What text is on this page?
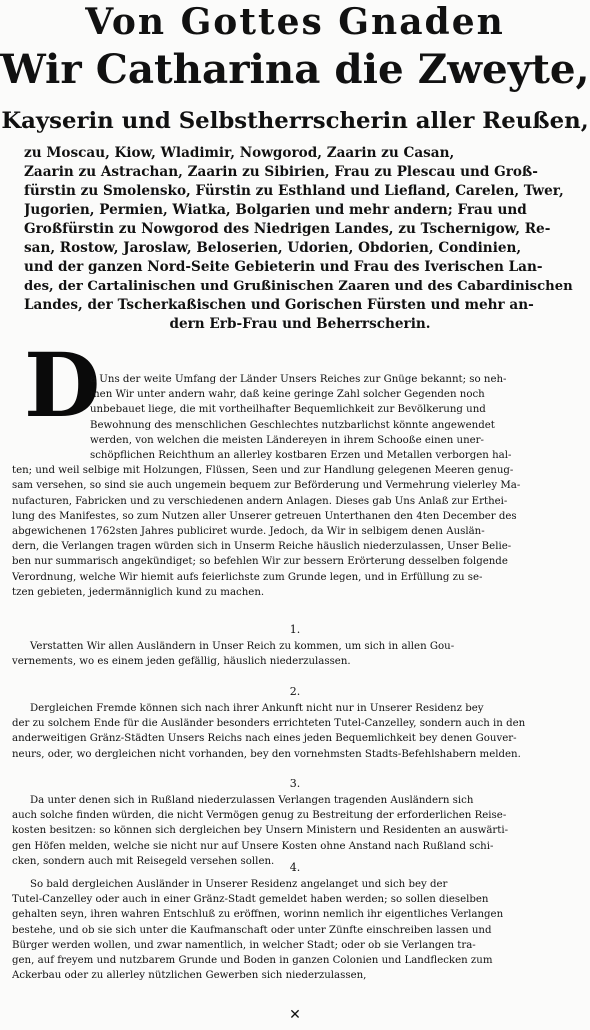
Von Gottes Gnaden
Wir Catharina die Zweyte,
Kayserin und Selbstherrscherin aller Reußen,
zu Moscau, Kiow, Wladimir, Nowgorod, Zaarin zu Casan,
Zaarin zu Astrachan, Zaarin zu Sibirien, Frau zu Plescau und Groß-
fürstin zu Smolensko, Fürstin zu Esthland und Liefland, Carelen, Twer,
Jugorien, Permien, Wiatka, Bolgarien und mehr andern; Frau und
Großfürstin zu Nowgorod des Niedrigen Landes, zu Tschernigow, Re-
san, Rostow, Jaroslaw, Beloserien, Udorien, Obdorien, Condinien,
und der ganzen Nord-Seite Gebieterin und Frau des Iverischen Lan-
des, der Cartalinischen und Grußinischen Zaaren und des Cabardinischen
Landes, der Tscherkaßischen und Gorischen Fürsten und mehr an-
dern Erb-Frau und Beherrscherin.
D
a Uns der weite Umfang der Länder Unsers Reiches zur Gnüge bekannt; so neh-
men Wir unter andern wahr, daß keine geringe Zahl solcher Gegenden noch
unbebauet liege, die mit vortheilhafter Bequemlichkeit zur Bevölkerung und
Bewohnung des menschlichen Geschlechtes nutzbarlichst könnte angewendet
werden, von welchen die meisten Ländereyen in ihrem Schooße einen uner-
schöpflichen Reichthum an allerley kostbaren Erzen und Metallen verborgen hal-
ten; und weil selbige mit Holzungen, Flüssen, Seen und zur Handlung gelegenen Meeren genug-
sam versehen, so sind sie auch ungemein bequem zur Beförderung und Vermehrung vielerley Ma-
nufacturen, Fabricken und zu verschiedenen andern Anlagen. Dieses gab Uns Anlaß zur Erthei-
lung des Manifestes, so zum Nutzen aller Unserer getreuen Unterthanen den 4ten December des
abgewichenen 1762sten Jahres publiciret wurde. Jedoch, da Wir in selbigem denen Auslän-
dern, die Verlangen tragen würden sich in Unserm Reiche häuslich niederzulassen, Unser Belie-
ben nur summarisch angekündiget; so befehlen Wir zur bessern Erörterung desselben folgende
Verordnung, welche Wir hiemit aufs feierlichste zum Grunde legen, und in Erfüllung zu se-
tzen gebieten, jedermänniglich kund zu machen.
1.
Verstatten Wir allen Ausländern in Unser Reich zu kommen, um sich in allen Gou-
vernements, wo es einem jeden gefällig, häuslich niederzulassen.
2.
Dergleichen Fremde können sich nach ihrer Ankunft nicht nur in Unserer Residenz bey
der zu solchem Ende für die Ausländer besonders errichteten Tutel-Canzelley, sondern auch in den
anderweitigen Gränz-Städten Unsers Reichs nach eines jeden Bequemlichkeit bey denen Gouver-
neurs, oder, wo dergleichen nicht vorhanden, bey den vornehmsten Stadts-Befehlshabern melden.
3.
Da unter denen sich in Rußland niederzulassen Verlangen tragenden Ausländern sich
auch solche finden würden, die nicht Vermögen genug zu Bestreitung der erforderlichen Reise-
kosten besitzen: so können sich dergleichen bey Unsern Ministern und Residenten an auswärti-
gen Höfen melden, welche sie nicht nur auf Unsere Kosten ohne Anstand nach Rußland schi-
cken, sondern auch mit Reisegeld versehen sollen.	4.
So bald dergleichen Ausländer in Unserer Residenz angelanget und sich bey der
Tutel-Canzelley oder auch in einer Gränz-Stadt gemeldet haben werden; so sollen dieselben
gehalten seyn, ihren wahren Entschluß zu eröffnen, worinn nemlich ihr eigentliches Verlangen
bestehe, und ob sie sich unter die Kaufmanschaft oder unter Zünfte einschreiben lassen und
Bürger werden wollen, und zwar namentlich, in welcher Stadt; oder ob sie Verlangen tra-
gen, auf freyem und nutzbarem Grunde und Boden in ganzen Colonien und Landflecken zum
Ackerbau oder zu allerley nützlichen Gewerben sich niederzulassen,
✕
